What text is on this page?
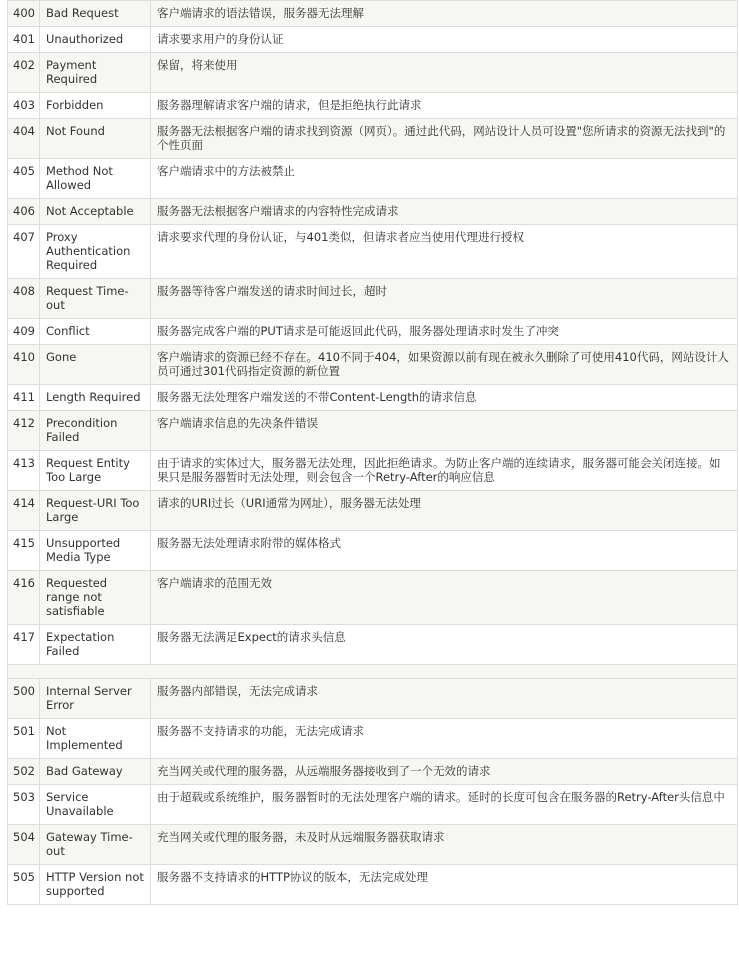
400	Bad Request	客户端请求的语法错误，服务器无法理解
401	Unauthorized	请求要求用户的身份认证
402	Payment Required	保留，将来使用
403	Forbidden	服务器理解请求客户端的请求，但是拒绝执行此请求
404	Not Found	服务器无法根据客户端的请求找到资源（网页）。通过此代码，网站设计人员可设置"您所请求的资源无法找到"的个性页面
405	Method Not Allowed	客户端请求中的方法被禁止
406	Not Acceptable	服务器无法根据客户端请求的内容特性完成请求
407	Proxy Authentication Required	请求要求代理的身份认证，与401类似，但请求者应当使用代理进行授权
408	Request Time-out	服务器等待客户端发送的请求时间过长，超时
409	Conflict	服务器完成客户端的PUT请求是可能返回此代码，服务器处理请求时发生了冲突
410	Gone	客户端请求的资源已经不存在。410不同于404，如果资源以前有现在被永久删除了可使用410代码，网站设计人员可通过301代码指定资源的新位置
411	Length Required	服务器无法处理客户端发送的不带Content-Length的请求信息
412	Precondition Failed	客户端请求信息的先决条件错误
413	Request Entity Too Large	由于请求的实体过大，服务器无法处理，因此拒绝请求。为防止客户端的连续请求，服务器可能会关闭连接。如果只是服务器暂时无法处理，则会包含一个Retry-After的响应信息
414	Request-URI Too Large	请求的URI过长（URI通常为网址），服务器无法处理
415	Unsupported Media Type	服务器无法处理请求附带的媒体格式
416	Requested range not satisfiable	客户端请求的范围无效
417	Expectation Failed	服务器无法满足Expect的请求头信息

500	Internal Server Error	服务器内部错误，无法完成请求
501	Not Implemented	服务器不支持请求的功能，无法完成请求
502	Bad Gateway	充当网关或代理的服务器，从远端服务器接收到了一个无效的请求
503	Service Unavailable	由于超载或系统维护，服务器暂时的无法处理客户端的请求。延时的长度可包含在服务器的Retry-After头信息中
504	Gateway Time-out	充当网关或代理的服务器，未及时从远端服务器获取请求
505	HTTP Version not supported	服务器不支持请求的HTTP协议的版本，无法完成处理
